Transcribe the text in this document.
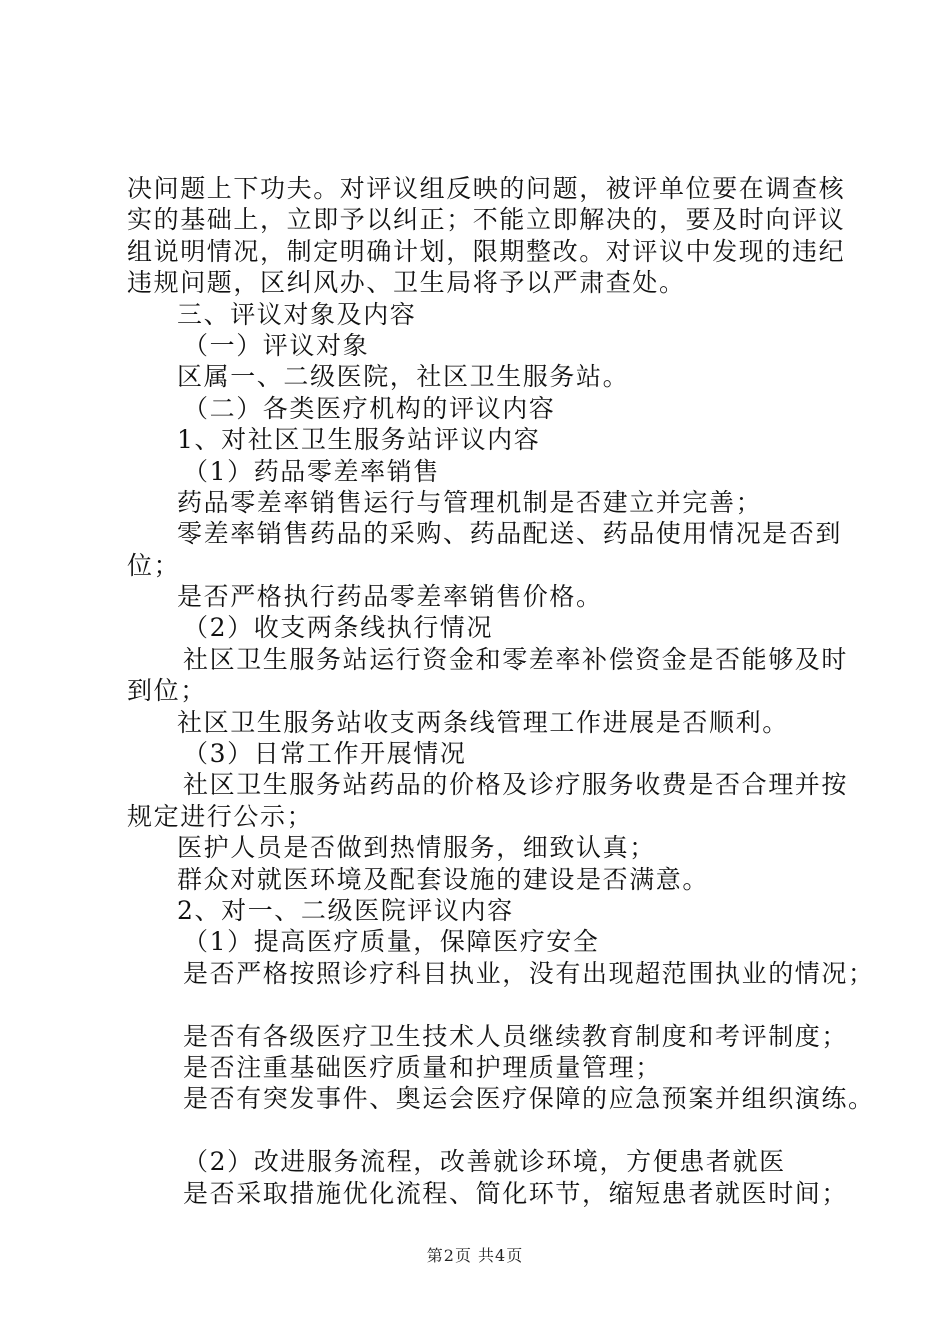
决问题上下功夫。对评议组反映的问题，被评单位要在调查核
实的基础上，立即予以纠正；不能立即解决的，要及时向评议
组说明情况，制定明确计划，限期整改。对评议中发现的违纪
违规问题，区纠风办、卫生局将予以严肃查处。
三、评议对象及内容
（一）评议对象
区属一、二级医院，社区卫生服务站。
（二）各类医疗机构的评议内容
1、对社区卫生服务站评议内容
（1）药品零差率销售
药品零差率销售运行与管理机制是否建立并完善；
零差率销售药品的采购、药品配送、药品使用情况是否到
位；
是否严格执行药品零差率销售价格。
（2）收支两条线执行情况
社区卫生服务站运行资金和零差率补偿资金是否能够及时
到位；
社区卫生服务站收支两条线管理工作进展是否顺利。
（3）日常工作开展情况
社区卫生服务站药品的价格及诊疗服务收费是否合理并按
规定进行公示；
医护人员是否做到热情服务，细致认真；
群众对就医环境及配套设施的建设是否满意。
2、对一、二级医院评议内容
（1）提高医疗质量，保障医疗安全
是否严格按照诊疗科目执业，没有出现超范围执业的情况；
是否有各级医疗卫生技术人员继续教育制度和考评制度；
是否注重基础医疗质量和护理质量管理；
是否有突发事件、奥运会医疗保障的应急预案并组织演练。
（2）改进服务流程，改善就诊环境，方便患者就医
是否采取措施优化流程、简化环节，缩短患者就医时间；
第2页 共4页
